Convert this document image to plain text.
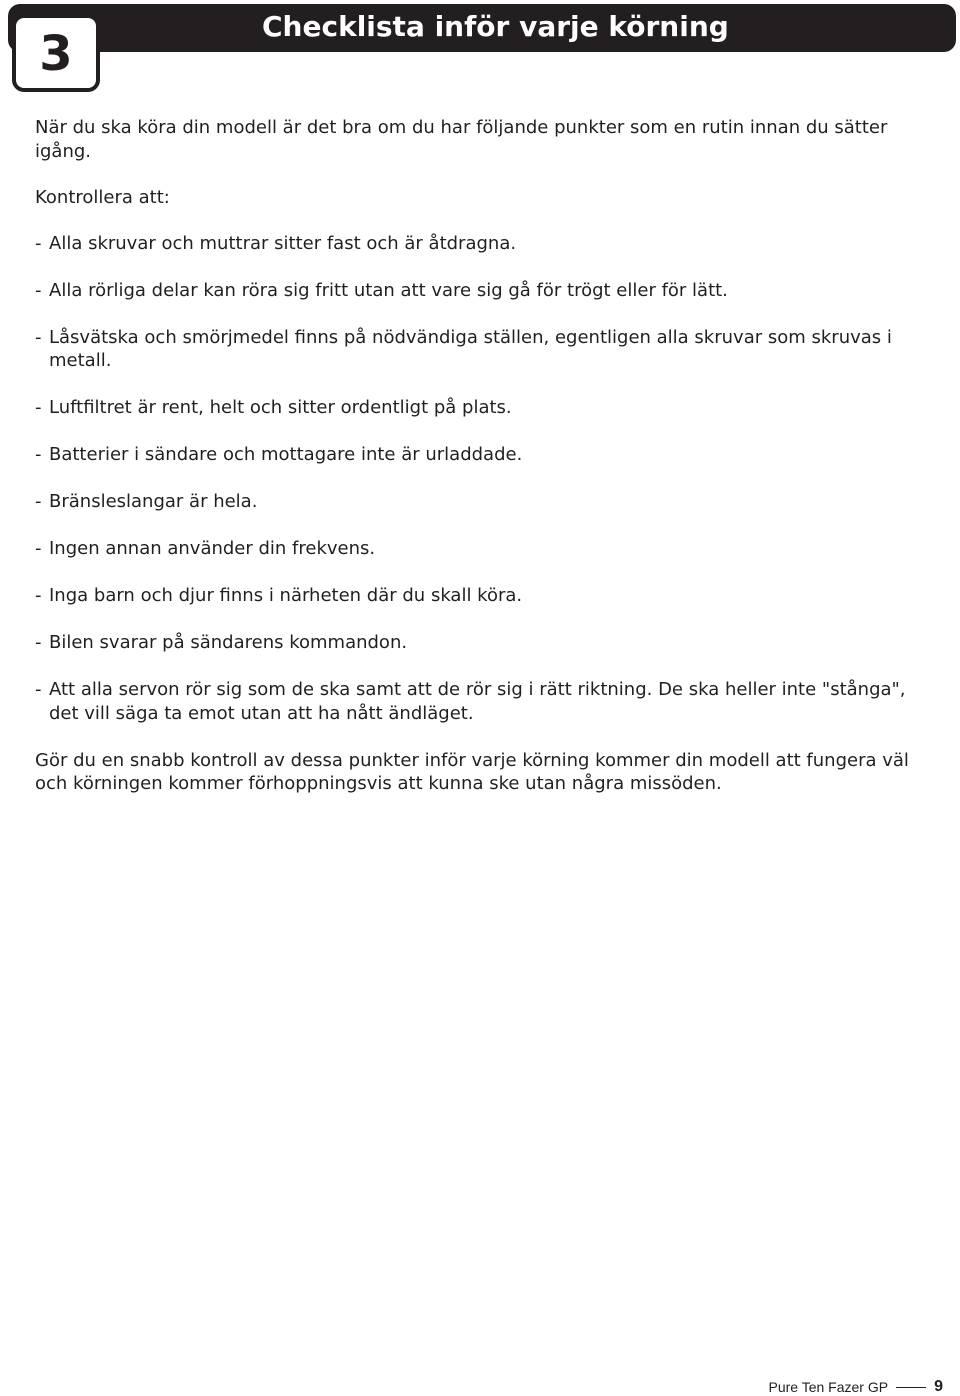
Checklista inför varje körning
3

När du ska köra din modell är det bra om du har följande punkter som en rutin innan du sätter igång.

Kontrollera att:

- Alla skruvar och muttrar sitter fast och är åtdragna.
- Alla rörliga delar kan röra sig fritt utan att vare sig gå för trögt eller för lätt.
- Låsvätska och smörjmedel finns på nödvändiga ställen, egentligen alla skruvar som skruvas i metall.
- Luftfiltret är rent, helt och sitter ordentligt på plats.
- Batterier i sändare och mottagare inte är urladdade.
- Bränsleslangar är hela.
- Ingen annan använder din frekvens.
- Inga barn och djur finns i närheten där du skall köra.
- Bilen svarar på sändarens kommandon.
- Att alla servon rör sig som de ska samt att de rör sig i rätt riktning. De ska heller inte "stånga", det vill säga ta emot utan att ha nått ändläget.

Gör du en snabb kontroll av dessa punkter inför varje körning kommer din modell att fungera väl och körningen kommer förhoppningsvis att kunna ske utan några missöden.

Pure Ten Fazer GP	9
